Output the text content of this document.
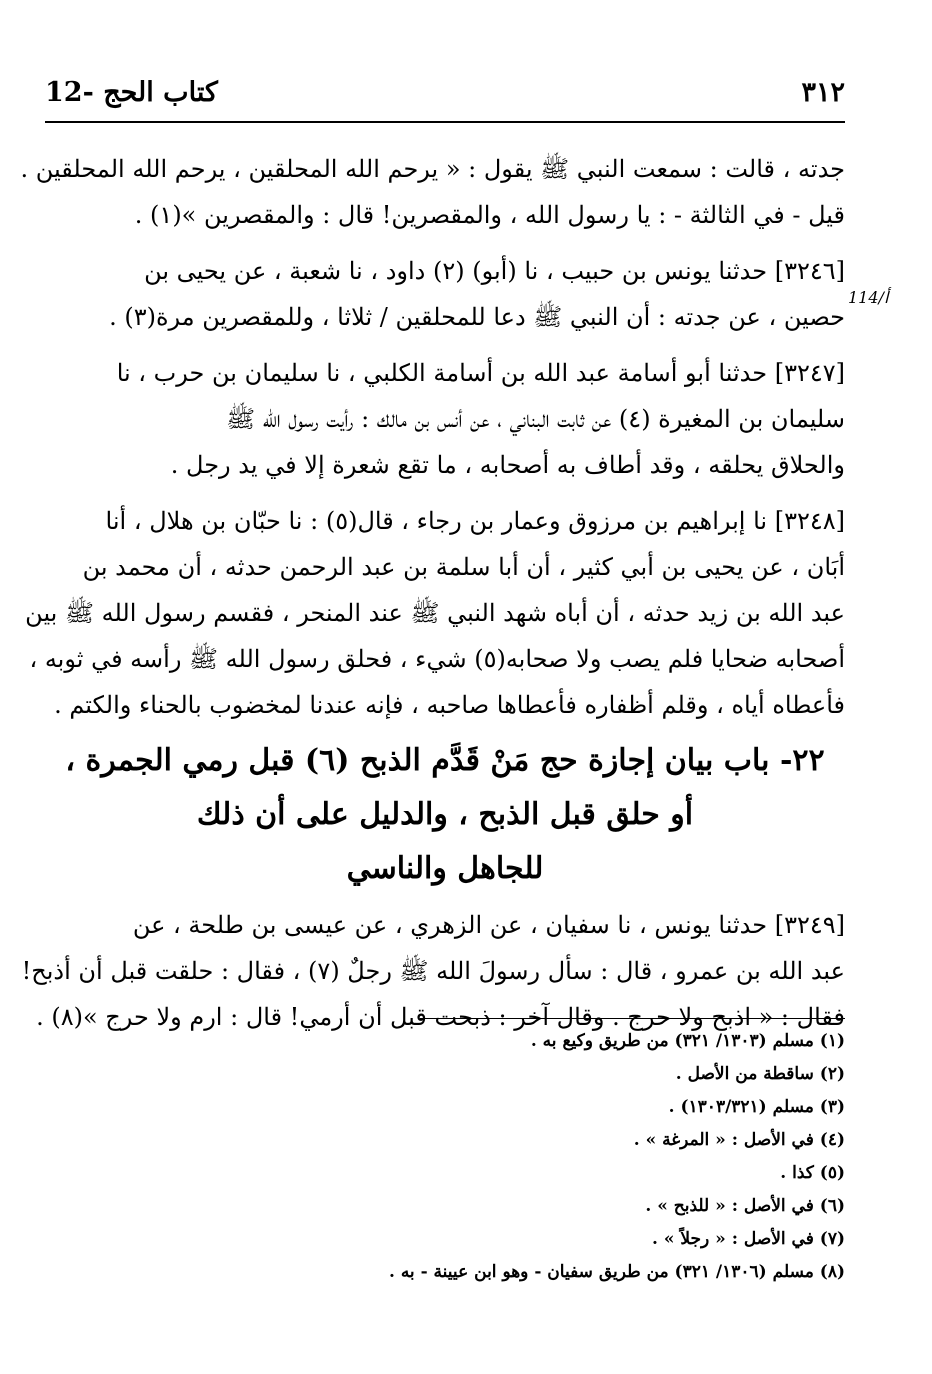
12- كتاب الحج	٣١٢
114/أ
جدته ، قالت : سمعت النبي ﷺ يقول : « يرحم الله المحلقين ، يرحم الله المحلقين .
قيل - في الثالثة - : يا رسول الله ، والمقصرين! قال : والمقصرين »(١) .
[٣٢٤٦] حدثنا يونس بن حبيب ، نا (أبو) (٢) داود ، نا شعبة ، عن يحيى بن
حصين ، عن جدته : أن النبي ﷺ دعا للمحلقين / ثلاثا ، وللمقصرين مرة(٣) .
[٣٢٤٧] حدثنا أبو أسامة عبد الله بن أسامة الكلبي ، نا سليمان بن حرب ، نا
سليمان بن المغيرة (٤) عن ثابت البناني ، عن أنس بن مالك : رأيت رسول الله ﷺ
والحلاق يحلقه ، وقد أطاف به أصحابه ، ما تقع شعرة إلا في يد رجل .
[٣٢٤٨] نا إبراهيم بن مرزوق وعمار بن رجاء ، قال(٥) : نا حبّان بن هلال ، أنا
أبَان ، عن يحيى بن أبي كثير ، أن أبا سلمة بن عبد الرحمن حدثه ، أن محمد بن
عبد الله بن زيد حدثه ، أن أباه شهد النبي ﷺ عند المنحر ، فقسم رسول الله ﷺ بين
أصحابه ضحايا فلم يصب ولا صحابه(٥) شيء ، فحلق رسول الله ﷺ رأسه في ثوبه ،
فأعطاه أياه ، وقلم أظفاره فأعطاها صاحبه ، فإنه عندنا لمخضوب بالحناء والكتم .
٢٢- باب بيان إجازة حج مَنْ قَدَّم الذبح (٦) قبل رمي الجمرة ،
أو حلق قبل الذبح ، والدليل على أن ذلك
للجاهل والناسي
[٣٢٤٩] حدثنا يونس ، نا سفيان ، عن الزهري ، عن عيسى بن طلحة ، عن
عبد الله بن عمرو ، قال : سأل رسولَ الله ﷺ رجلٌ (٧) ، فقال : حلقت قبل أن أذبح!
فقال : « اذبح ولا حرج . وقال آخر : ذبحت قبل أن أرمي! قال : ارم ولا حرج »(٨) .
(١) مسلم (١٣٠٣/ ٣٢١) من طريق وكيع به .
(٢) ساقطة من الأصل .
(٣) مسلم (١٣٠٣/٣٢١) .
(٤) في الأصل : « المرغة » .
(٥) كذا .
(٦) في الأصل : « للذبح » .
(٧) في الأصل : « رجلاً » .
(٨) مسلم (١٣٠٦/ ٣٢١) من طريق سفيان - وهو ابن عيينة - به .
